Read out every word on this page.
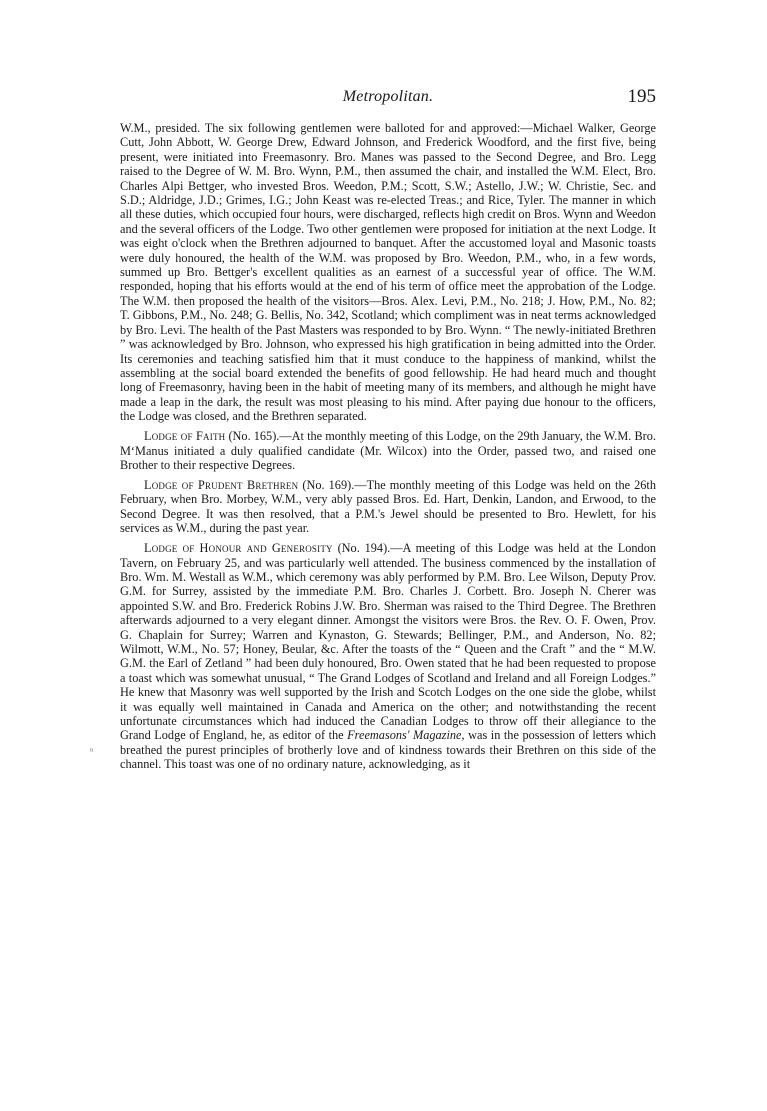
Metropolitan.	195
ⁿ

W.M., presided. The six following gentlemen were balloted for and approved:—Michael Walker, George Cutt, John Abbott, W. George Drew, Edward Johnson, and Frederick Woodford, and the first five, being present, were initiated into Freemasonry. Bro. Manes was passed to the Second Degree, and Bro. Legg raised to the Degree of W. M. Bro. Wynn, P.M., then assumed the chair, and installed the W.M. Elect, Bro. Charles Alpi Bettger, who invested Bros. Weedon, P.M.; Scott, S.W.; Astello, J.W.; W. Christie, Sec. and S.D.; Aldridge, J.D.; Grimes, I.G.; John Keast was re-elected Treas.; and Rice, Tyler. The manner in which all these duties, which occupied four hours, were discharged, reflects high credit on Bros. Wynn and Weedon and the several officers of the Lodge. Two other gentlemen were proposed for initiation at the next Lodge. It was eight o'clock when the Brethren adjourned to banquet. After the accustomed loyal and Masonic toasts were duly honoured, the health of the W.M. was proposed by Bro. Weedon, P.M., who, in a few words, summed up Bro. Bettger's excellent qualities as an earnest of a successful year of office. The W.M. responded, hoping that his efforts would at the end of his term of office meet the approbation of the Lodge. The W.M. then proposed the health of the visitors—Bros. Alex. Levi, P.M., No. 218; J. How, P.M., No. 82; T. Gibbons, P.M., No. 248; G. Bellis, No. 342, Scotland; which compliment was in neat terms acknowledged by Bro. Levi. The health of the Past Masters was responded to by Bro. Wynn. “ The newly-initiated Brethren ” was acknowledged by Bro. Johnson, who expressed his high gratification in being admitted into the Order. Its ceremonies and teaching satisfied him that it must conduce to the happiness of mankind, whilst the assembling at the social board extended the benefits of good fellowship. He had heard much and thought long of Freemasonry, having been in the habit of meeting many of its members, and although he might have made a leap in the dark, the result was most pleasing to his mind. After paying due honour to the officers, the Lodge was closed, and the Brethren separated.

Lodge of Faith (No. 165).—At the monthly meeting of this Lodge, on the 29th January, the W.M. Bro. M‘Manus initiated a duly qualified candidate (Mr. Wilcox) into the Order, passed two, and raised one Brother to their respective Degrees.

Lodge of Prudent Brethren (No. 169).—The monthly meeting of this Lodge was held on the 26th February, when Bro. Morbey, W.M., very ably passed Bros. Ed. Hart, Denkin, Landon, and Erwood, to the Second Degree. It was then resolved, that a P.M.'s Jewel should be presented to Bro. Hewlett, for his services as W.M., during the past year.

Lodge of Honour and Generosity (No. 194).—A meeting of this Lodge was held at the London Tavern, on February 25, and was particularly well attended. The business commenced by the installation of Bro. Wm. M. Westall as W.M., which ceremony was ably performed by P.M. Bro. Lee Wilson, Deputy Prov. G.M. for Surrey, assisted by the immediate P.M. Bro. Charles J. Corbett. Bro. Joseph N. Cherer was appointed S.W. and Bro. Frederick Robins J.W. Bro. Sherman was raised to the Third Degree. The Brethren afterwards adjourned to a very elegant dinner. Amongst the visitors were Bros. the Rev. O. F. Owen, Prov. G. Chaplain for Surrey; Warren and Kynaston, G. Stewards; Bellinger, P.M., and Anderson, No. 82; Wilmott, W.M., No. 57; Honey, Beular, &c. After the toasts of the “ Queen and the Craft ” and the “ M.W. G.M. the Earl of Zetland ” had been duly honoured, Bro. Owen stated that he had been requested to propose a toast which was somewhat unusual, “ The Grand Lodges of Scotland and Ireland and all Foreign Lodges.” He knew that Masonry was well supported by the Irish and Scotch Lodges on the one side the globe, whilst it was equally well maintained in Canada and America on the other; and notwithstanding the recent unfortunate circumstances which had induced the Canadian Lodges to throw off their allegiance to the Grand Lodge of England, he, as editor of the Freemasons' Magazine, was in the possession of letters which breathed the purest principles of brotherly love and of kindness towards their Brethren on this side of the channel. This toast was one of no ordinary nature, acknowledging, as it
